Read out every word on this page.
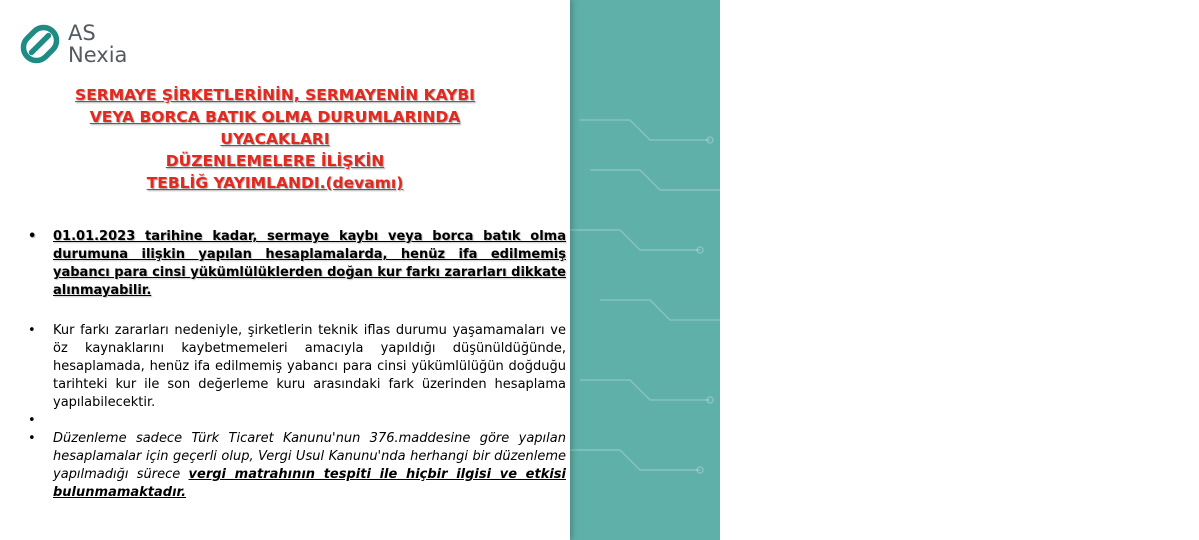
Sirküler No:
09-10
AS
Nexia
SERMAYE ŞİRKETLERİNİN, SERMAYENİN KAYBI
VEYA BORCA BATIK OLMA DURUMLARINDA
UYACAKLARI
DÜZENLEMELERE İLİŞKİN
TEBLİĞ YAYIMLANDI.(devamı)
• 01.01.2023 tarihine kadar, sermaye kaybı veya borca batık olma durumuna ilişkin yapılan hesaplamalarda, henüz ifa edilmemiş yabancı para cinsi yükümlülüklerden doğan kur farkı zararları dikkate alınmayabilir.
• Kur farkı zararları nedeniyle, şirketlerin teknik iflas durumu yaşamamaları ve öz kaynaklarını kaybetmemeleri amacıyla yapıldığı düşünüldüğünde, hesaplamada, henüz ifa edilmemiş yabancı para cinsi yükümlülüğün doğduğu tarihteki kur ile son değerleme kuru arasındaki fark üzerinden hesaplama yapılabilecektir.
•
• Düzenleme sadece Türk Ticaret Kanunu'nun 376.maddesine göre yapılan hesaplamalar için geçerli olup, Vergi Usul Kanunu'nda herhangi bir düzenleme yapılmadığı sürece vergi matrahının tespiti ile hiçbir ilgisi ve etkisi bulunmamaktadır.
